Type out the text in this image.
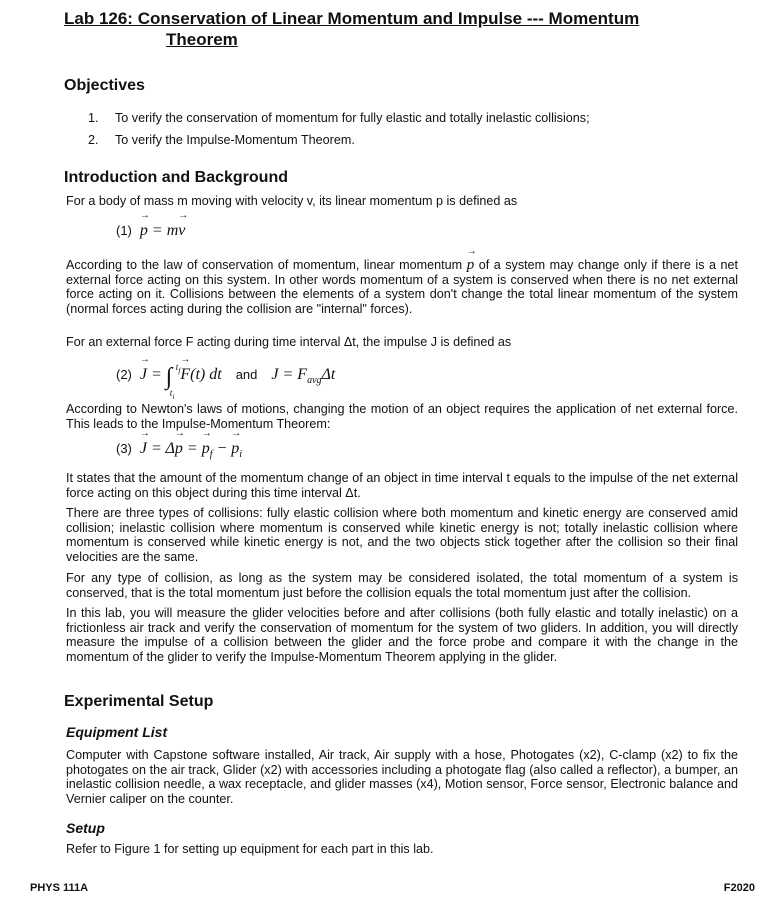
Lab 126: Conservation of Linear Momentum and Impulse --- Momentum
Theorem
Objectives
1. To verify the conservation of momentum for fully elastic and totally inelastic collisions;
2. To verify the Impulse-Momentum Theorem.
Introduction and Background

For a body of mass m moving with velocity v, its linear momentum p is defined as

(1) → p = m→ v

According to the law of conservation of momentum, linear momentum → p of a system may change only if there is a net external force acting on this system. In other words momentum of a system is conserved when there is no net external force acting on it. Collisions between the elements of a system don't change the total linear momentum of the system (normal forces acting during the collision are "internal" forces).

For an external force F acting during time interval Δt, the impulse J is defined as

(2) → J = ∫ $t_f$
$t_i$
→ F(t) dt and $J = F_{avg}\Delta t$

According to Newton's laws of motions, changing the motion of an object requires the application of net external force. This leads to the Impulse-Momentum Theorem:

(3) → J = Δ→ p = → $p_f$ − → $p_i$

It states that the amount of the momentum change of an object in time interval t equals to the impulse of the net external force acting on this object during this time interval Δt.

There are three types of collisions: fully elastic collision where both momentum and kinetic energy are conserved amid collision; inelastic collision where momentum is conserved while kinetic energy is not; totally inelastic collision where momentum is conserved while kinetic energy is not, and the two objects stick together after the collision so their final velocities are the same.

For any type of collision, as long as the system may be considered isolated, the total momentum of a system is conserved, that is the total momentum just before the collision equals the total momentum just after the collision.

In this lab, you will measure the glider velocities before and after collisions (both fully elastic and totally inelastic) on a frictionless air track and verify the conservation of momentum for the system of two gliders. In addition, you will directly measure the impulse of a collision between the glider and the force probe and compare it with the change in the momentum of the glider to verify the Impulse-Momentum Theorem applying in the glider.

Experimental Setup
Equipment List

Computer with Capstone software installed, Air track, Air supply with a hose, Photogates (x2), C-clamp (x2) to fix the photogates on the air track, Glider (x2) with accessories including a photogate flag (also called a reflector), a bumper, an inelastic collision needle, a wax receptacle, and glider masses (x4), Motion sensor, Force sensor, Electronic balance and Vernier caliper on the counter.

Setup

Refer to Figure 1 for setting up equipment for each part in this lab.

PHYS 111A	F2020
